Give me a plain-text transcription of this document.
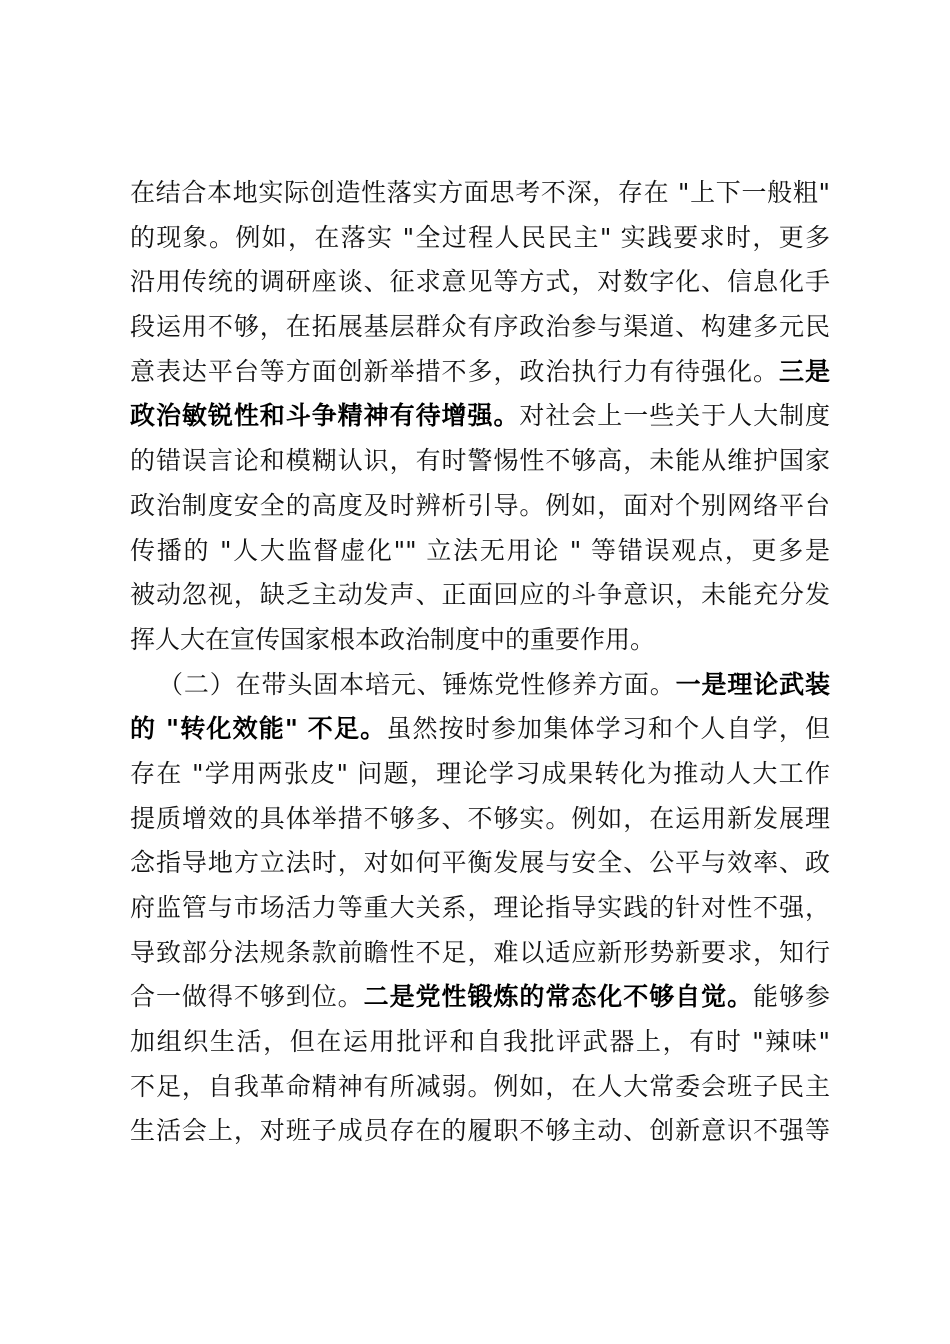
在结合本地实际创造性落实方面思考不深，存在 "上下一般粗"
的现象。例如，在落实 "全过程人民民主" 实践要求时，更多
沿用传统的调研座谈、征求意见等方式，对数字化、信息化手
段运用不够，在拓展基层群众有序政治参与渠道、构建多元民
意表达平台等方面创新举措不多，政治执行力有待强化。三是
政治敏锐性和斗争精神有待增强。对社会上一些关于人大制度
的错误言论和模糊认识，有时警惕性不够高，未能从维护国家
政治制度安全的高度及时辨析引导。例如，面对个别网络平台
传播的 "人大监督虚化"" 立法无用论 " 等错误观点，更多是
被动忽视，缺乏主动发声、正面回应的斗争意识，未能充分发
挥人大在宣传国家根本政治制度中的重要作用。
（二）在带头固本培元、锤炼党性修养方面。一是理论武装
的 "转化效能" 不足。虽然按时参加集体学习和个人自学，但
存在 "学用两张皮" 问题，理论学习成果转化为推动人大工作
提质增效的具体举措不够多、不够实。例如，在运用新发展理
念指导地方立法时，对如何平衡发展与安全、公平与效率、政
府监管与市场活力等重大关系，理论指导实践的针对性不强，
导致部分法规条款前瞻性不足，难以适应新形势新要求，知行
合一做得不够到位。二是党性锻炼的常态化不够自觉。能够参
加组织生活，但在运用批评和自我批评武器上，有时 "辣味"
不足，自我革命精神有所减弱。例如，在人大常委会班子民主
生活会上，对班子成员存在的履职不够主动、创新意识不强等
